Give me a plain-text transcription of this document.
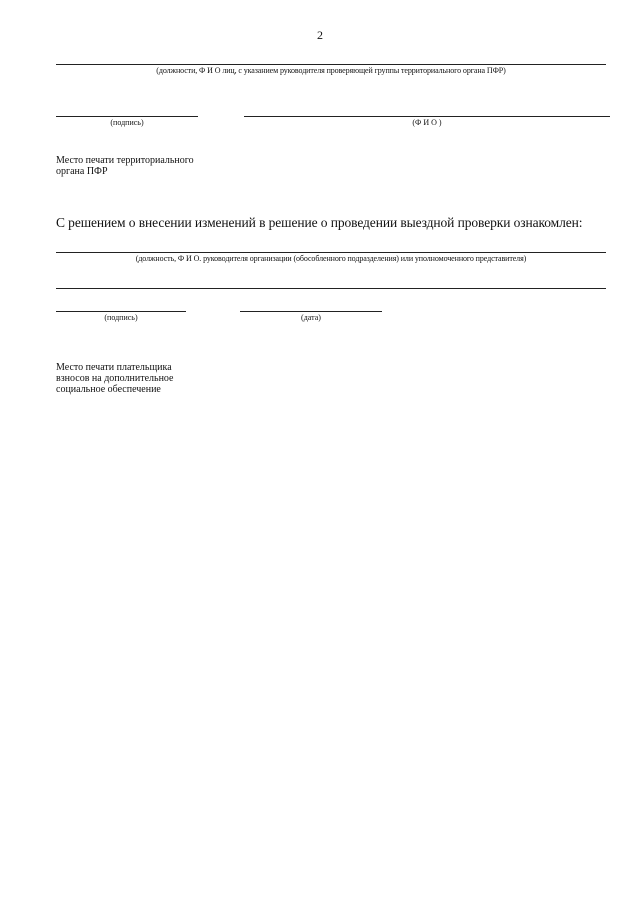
2
(должности, Ф И О лиц, с указанием руководителя проверяющей группы территориального органа ПФР)
(подпись)	(Ф И О )
Место печати территориального
органа ПФР
С решением о внесении изменений в решение о проведении выездной проверки ознакомлен:
(должность, Ф И О. руководителя организации (обособленного подразделения) или уполномоченного представителя)
(подпись)	(дата)
Место печати плательщика
взносов на дополнительное
социальное обеспечение
